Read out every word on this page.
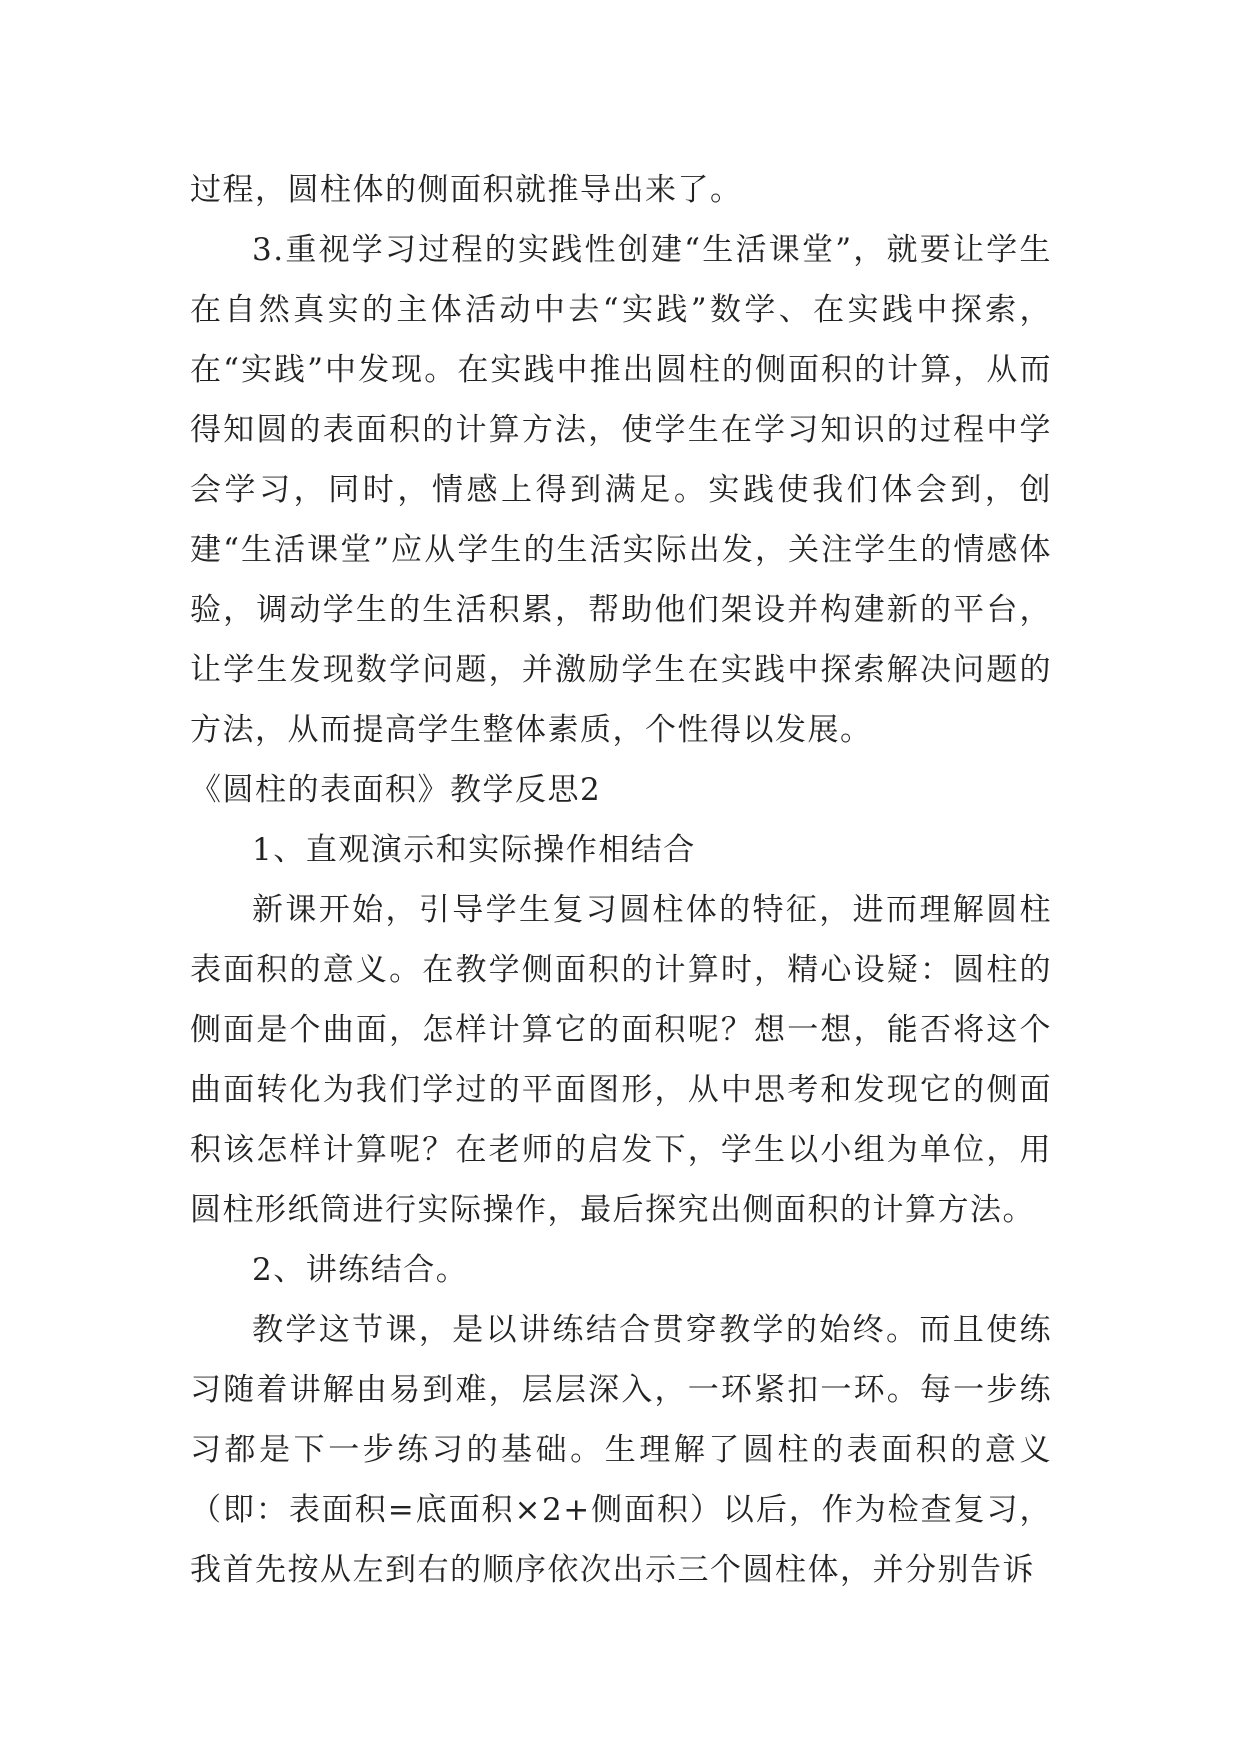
过程，圆柱体的侧面积就推导出来了。

3.重视学习过程的实践性创建“生活课堂”，就要让学生在自然真实的主体活动中去“实践”数学、在实践中探索，在“实践”中发现。在实践中推出圆柱的侧面积的计算，从而得知圆的表面积的计算方法，使学生在学习知识的过程中学会学习，同时，情感上得到满足。实践使我们体会到，创建“生活课堂”应从学生的生活实际出发，关注学生的情感体验，调动学生的生活积累，帮助他们架设并构建新的平台，让学生发现数学问题，并激励学生在实践中探索解决问题的方法，从而提高学生整体素质，个性得以发展。

《圆柱的表面积》教学反思2

1、直观演示和实际操作相结合

新课开始，引导学生复习圆柱体的特征，进而理解圆柱表面积的意义。在教学侧面积的计算时，精心设疑：圆柱的侧面是个曲面，怎样计算它的面积呢？想一想，能否将这个曲面转化为我们学过的平面图形，从中思考和发现它的侧面积该怎样计算呢？在老师的启发下，学生以小组为单位，用圆柱形纸筒进行实际操作，最后探究出侧面积的计算方法。

2、讲练结合。

教学这节课，是以讲练结合贯穿教学的始终。而且使练习随着讲解由易到难，层层深入，一环紧扣一环。每一步练习都是下一步练习的基础。生理解了圆柱的表面积的意义（即：表面积=底面积×2+侧面积）以后，作为检查复习，我首先按从左到右的顺序依次出示三个圆柱体，并分别告诉
